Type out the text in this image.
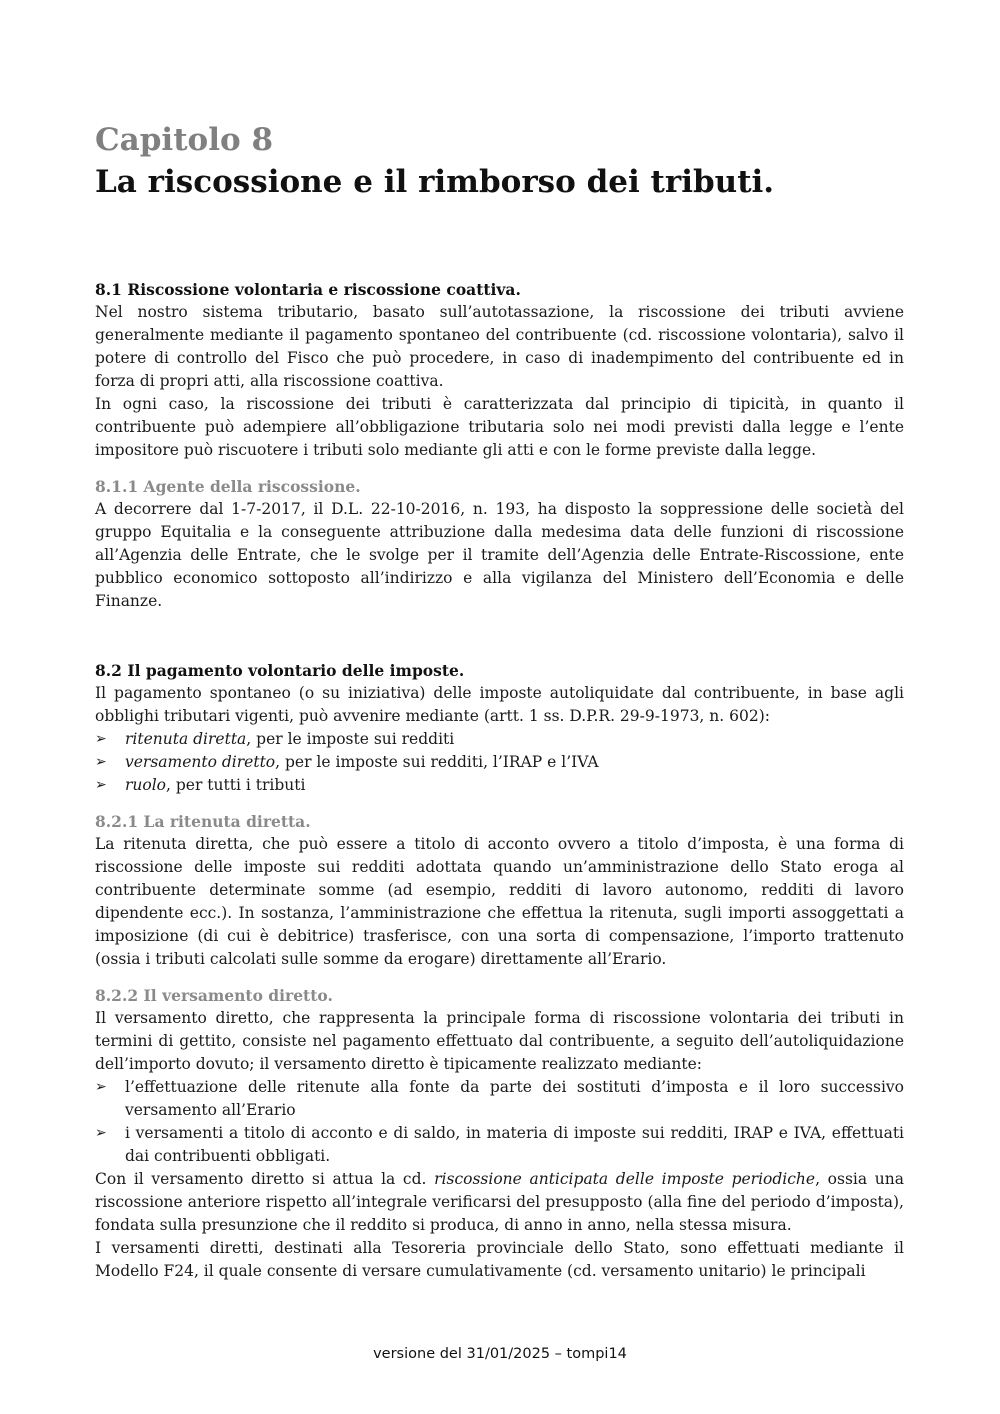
Capitolo 8
La riscossione e il rimborso dei tributi.
8.1 Riscossione volontaria e riscossione coattiva.

Nel nostro sistema tributario, basato sull’autotassazione, la riscossione dei tributi avviene generalmente mediante il pagamento spontaneo del contribuente (cd. riscossione volontaria), salvo il potere di controllo del Fisco che può procedere, in caso di inadempimento del contribuente ed in forza di propri atti, alla riscossione coattiva.

In ogni caso, la riscossione dei tributi è caratterizzata dal principio di tipicità, in quanto il contribuente può adempiere all’obbligazione tributaria solo nei modi previsti dalla legge e l’ente impositore può riscuotere i tributi solo mediante gli atti e con le forme previste dalla legge.

8.1.1 Agente della riscossione.

A decorrere dal 1-7-2017, il D.L. 22-10-2016, n. 193, ha disposto la soppressione delle società del gruppo Equitalia e la conseguente attribuzione dalla medesima data delle funzioni di riscossione all’Agenzia delle Entrate, che le svolge per il tramite dell’Agenzia delle Entrate-Riscossione, ente pubblico economico sottoposto all’indirizzo e alla vigilanza del Ministero dell’Economia e delle Finanze.

8.2 Il pagamento volontario delle imposte.

Il pagamento spontaneo (o su iniziativa) delle imposte autoliquidate dal contribuente, in base agli obblighi tributari vigenti, può avvenire mediante (artt. 1 ss. D.P.R. 29-9-1973, n. 602):

➢ ritenuta diretta, per le imposte sui redditi
➢ versamento diretto, per le imposte sui redditi, l’IRAP e l’IVA
➢ ruolo, per tutti i tributi
8.2.1 La ritenuta diretta.

La ritenuta diretta, che può essere a titolo di acconto ovvero a titolo d’imposta, è una forma di riscossione delle imposte sui redditi adottata quando un’amministrazione dello Stato eroga al contribuente determinate somme (ad esempio, redditi di lavoro autonomo, redditi di lavoro dipendente ecc.). In sostanza, l’amministrazione che effettua la ritenuta, sugli importi assoggettati a imposizione (di cui è debitrice) trasferisce, con una sorta di compensazione, l’importo trattenuto (ossia i tributi calcolati sulle somme da erogare) direttamente all’Erario.

8.2.2 Il versamento diretto.

Il versamento diretto, che rappresenta la principale forma di riscossione volontaria dei tributi in termini di gettito, consiste nel pagamento effettuato dal contribuente, a seguito dell’autoliquidazione dell’importo dovuto; il versamento diretto è tipicamente realizzato mediante:

➢ l’effettuazione delle ritenute alla fonte da parte dei sostituti d’imposta e il loro successivo versamento all’Erario
➢ i versamenti a titolo di acconto e di saldo, in materia di imposte sui redditi, IRAP e IVA, effettuati dai contribuenti obbligati.

Con il versamento diretto si attua la cd. riscossione anticipata delle imposte periodiche, ossia una riscossione anteriore rispetto all’integrale verificarsi del presupposto (alla fine del periodo d’imposta), fondata sulla presunzione che il reddito si produca, di anno in anno, nella stessa misura.

I versamenti diretti, destinati alla Tesoreria provinciale dello Stato, sono effettuati mediante il Modello F24, il quale consente di versare cumulativamente (cd. versamento unitario) le principali

versione del 31/01/2025 – tompi14
